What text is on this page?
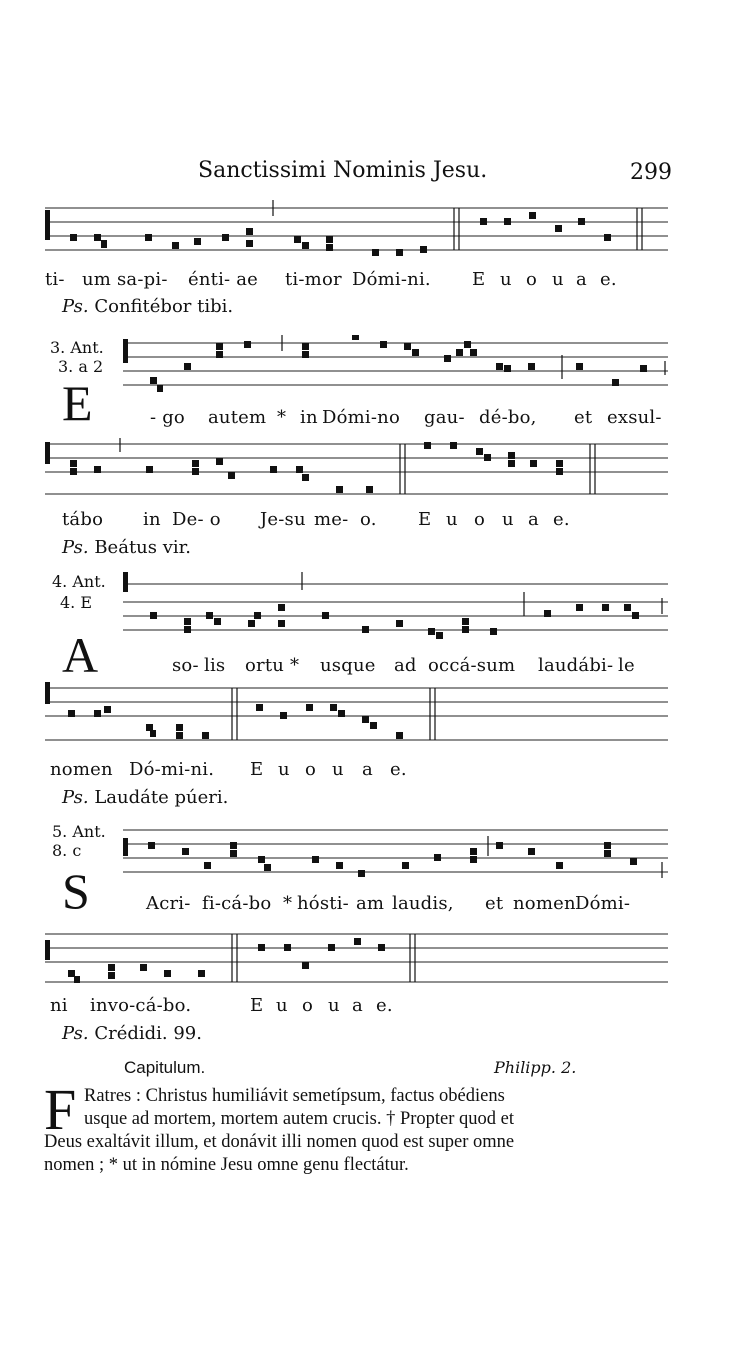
Sanctissimi Nominis Jesu.	299
ti- um sa-pi- énti- ae ti-mor Dómi-ni. E u o u a e.
Ps. Confitébor tibi.
3. Ant.
3. a 2
E	- go autem * in Dómi-no gau- dé-bo, et exsul-
tábo in De- o Je-su me- o. E u o u a e.
Ps. Beátus vir.
4. Ant.
4. E
A	so- lis ortu * usque ad occá-sum laudábi- le
nomen Dó-mi-ni. E u o u a e.
Ps. Laudáte púeri.
5. Ant.
8. c
S	Acri- fi-cá-bo * hósti- am laudis, et nomen Dómi-
ni invo-cá-bo.	E u o u a e.
Ps. Crédidi. 99.
Capitulum.	Philipp. 2.
F Ratres : Christus humiliávit semetípsum, factus obédiens
usque ad mortem, mortem autem crucis. † Propter quod et
Deus exaltávit illum, et donávit illi nomen quod est super omne
nomen ; * ut in nómine Jesu omne genu flectátur.
